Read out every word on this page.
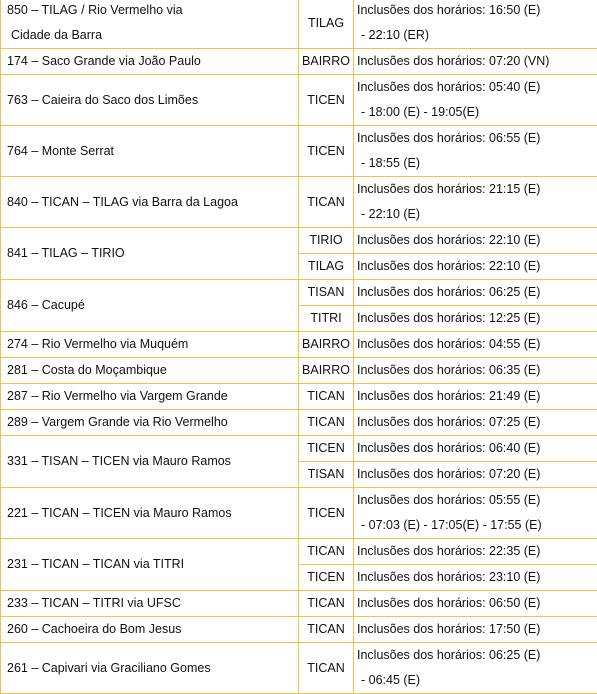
850 – TILAG / Rio Vermelho via
Cidade da Barra	TILAG	Inclusões dos horários: 16:50 (E)
- 22:10 (ER)

174 – Saco Grande via João Paulo	BAIRRO	Inclusões dos horários: 07:20 (VN)

763 – Caieira do Saco dos Limões	TICEN	Inclusões dos horários: 05:40 (E)
- 18:00 (E) - 19:05(E)

764 – Monte Serrat	TICEN	Inclusões dos horários: 06:55 (E)
- 18:55 (E)

840 – TICAN – TILAG via Barra da Lagoa	TICAN	Inclusões dos horários: 21:15 (E)
- 22:10 (E)

841 – TILAG – TIRIO	TIRIO	Inclusões dos horários: 22:10 (E)

	TILAG	Inclusões dos horários: 22:10 (E)

846 – Cacupé	TISAN	Inclusões dos horários: 06:25 (E)

	TITRI	Inclusões dos horários: 12:25 (E)

274 – Rio Vermelho via Muquém	BAIRRO	Inclusões dos horários: 04:55 (E)

281 – Costa do Moçambique	BAIRRO	Inclusões dos horários: 06:35 (E)

287 – Rio Vermelho via Vargem Grande	TICAN	Inclusões dos horários: 21:49 (E)

289 – Vargem Grande via Rio Vermelho	TICAN	Inclusões dos horários: 07:25 (E)

331 – TISAN – TICEN via Mauro Ramos	TICEN	Inclusões dos horários: 06:40 (E)

	TISAN	Inclusões dos horários: 07:20 (E)

221 – TICAN – TICEN via Mauro Ramos	TICEN	Inclusões dos horários: 05:55 (E)
- 07:03 (E) - 17:05(E) - 17:55 (E)

231 – TICAN – TICAN via TITRI	TICAN	Inclusões dos horários: 22:35 (E)

	TICEN	Inclusões dos horários: 23:10 (E)

233 – TICAN – TITRI via UFSC	TICAN	Inclusões dos horários: 06:50 (E)

260 – Cachoeira do Bom Jesus	TICAN	Inclusões dos horários: 17:50 (E)

261 – Capivari via Graciliano Gomes	TICAN	Inclusões dos horários: 06:25 (E)
- 06:45 (E)
